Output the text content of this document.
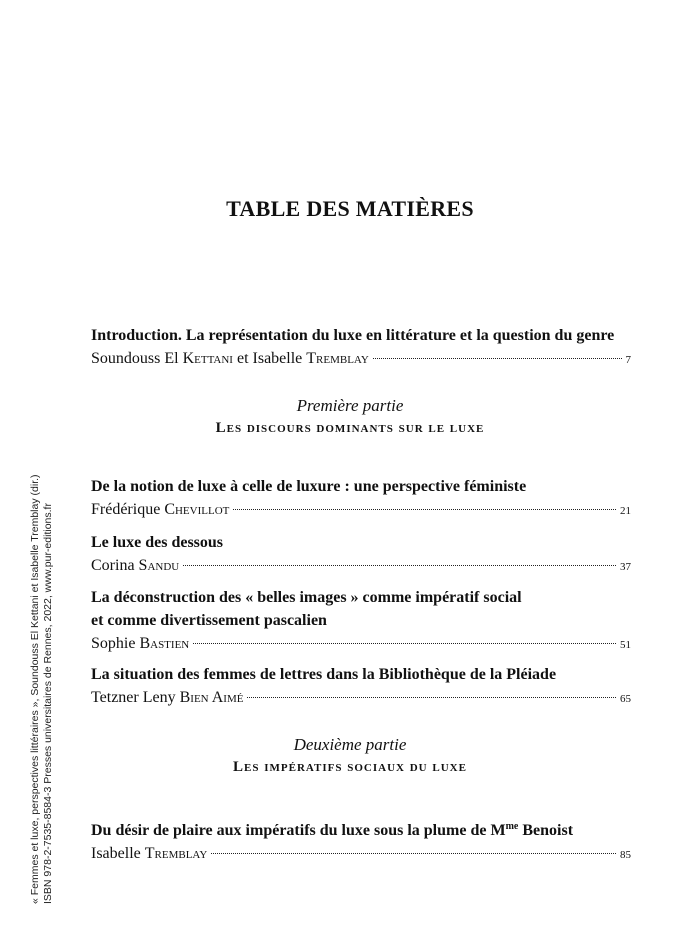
TABLE DES MATIÈRES
Introduction. La représentation du luxe en littérature et la question du genre
Soundouss El Kettani et Isabelle Tremblay	7
Première partie
Les discours dominants sur le luxe
De la notion de luxe à celle de luxure : une perspective féministe
Frédérique Chevillot	21
Le luxe des dessous
Corina Sandu	37
La déconstruction des « belles images » comme impératif social
et comme divertissement pascalien
Sophie Bastien	51
La situation des femmes de lettres dans la Bibliothèque de la Pléiade
Tetzner Leny Bien Aimé	65
Deuxième partie
Les impératifs sociaux du luxe
Du désir de plaire aux impératifs du luxe sous la plume de $M^{me}$ Benoist
Isabelle Tremblay	85
« Femmes et luxe, perspectives littéraires », Soundouss El Kettani et Isabelle Tremblay (dir.) ISBN 978-2-7535-8584-3 Presses universitaires de Rennes, 2022, www.pur-editions.fr
